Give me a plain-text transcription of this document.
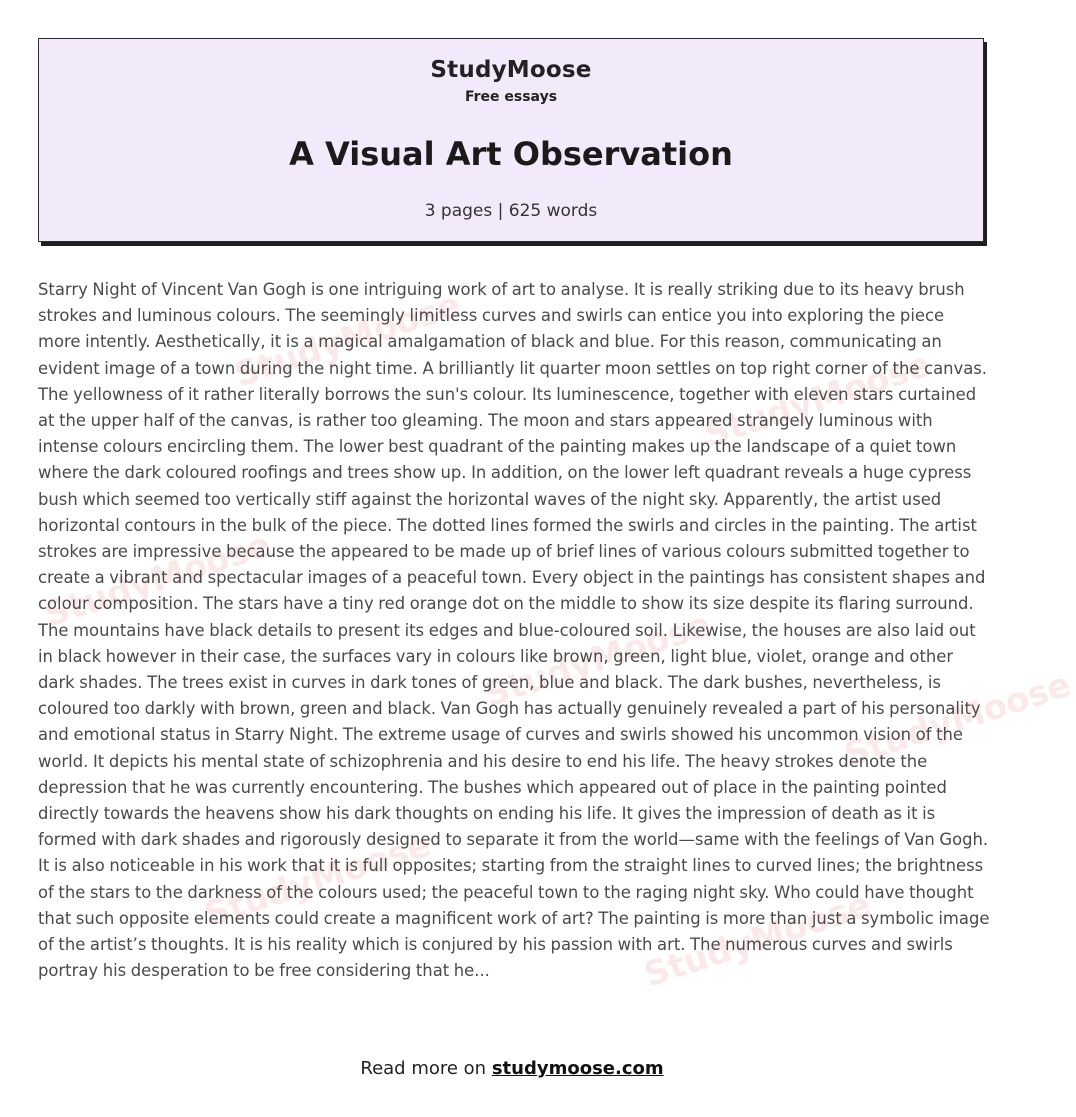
StudyMoose
Free essays
A Visual Art Observation
3 pages | 625 words
StudyMoose
StudyMoose
StudyMoose
StudyMoose
StudyMoose
StudyMoose
StudyMoose

Starry Night of Vincent Van Gogh is one intriguing work of art to analyse. It is really striking due to its heavy brush strokes and luminous colours. The seemingly limitless curves and swirls can entice you into exploring the piece more intently. Aesthetically, it is a magical amalgamation of black and blue. For this reason, communicating an evident image of a town during the night time. A brilliantly lit quarter moon settles on top right corner of the canvas. The yellowness of it rather literally borrows the sun's colour. Its luminescence, together with eleven stars curtained at the upper half of the canvas, is rather too gleaming. The moon and stars appeared strangely luminous with intense colours encircling them. The lower best quadrant of the painting makes up the landscape of a quiet town where the dark coloured roofings and trees show up. In addition, on the lower left quadrant reveals a huge cypress bush which seemed too vertically stiff against the horizontal waves of the night sky. Apparently, the artist used horizontal contours in the bulk of the piece. The dotted lines formed the swirls and circles in the painting. The artist strokes are impressive because the appeared to be made up of brief lines of various colours submitted together to create a vibrant and spectacular images of a peaceful town. Every object in the paintings has consistent shapes and colour composition. The stars have a tiny red orange dot on the middle to show its size despite its flaring surround. The mountains have black details to present its edges and blue-coloured soil. Likewise, the houses are also laid out in black however in their case, the surfaces vary in colours like brown, green, light blue, violet, orange and other dark shades. The trees exist in curves in dark tones of green, blue and black. The dark bushes, nevertheless, is coloured too darkly with brown, green and black. Van Gogh has actually genuinely revealed a part of his personality and emotional status in Starry Night. The extreme usage of curves and swirls showed his uncommon vision of the world. It depicts his mental state of schizophrenia and his desire to end his life. The heavy strokes denote the depression that he was currently encountering. The bushes which appeared out of place in the painting pointed directly towards the heavens show his dark thoughts on ending his life. It gives the impression of death as it is formed with dark shades and rigorously designed to separate it from the world—same with the feelings of Van Gogh. It is also noticeable in his work that it is full opposites; starting from the straight lines to curved lines; the brightness of the stars to the darkness of the colours used; the peaceful town to the raging night sky. Who could have thought that such opposite elements could create a magnificent work of art? The painting is more than just a symbolic image of the artist’s thoughts. It is his reality which is conjured by his passion with art. The numerous curves and swirls portray his desperation to be free considering that he...

Read more on studymoose.com
